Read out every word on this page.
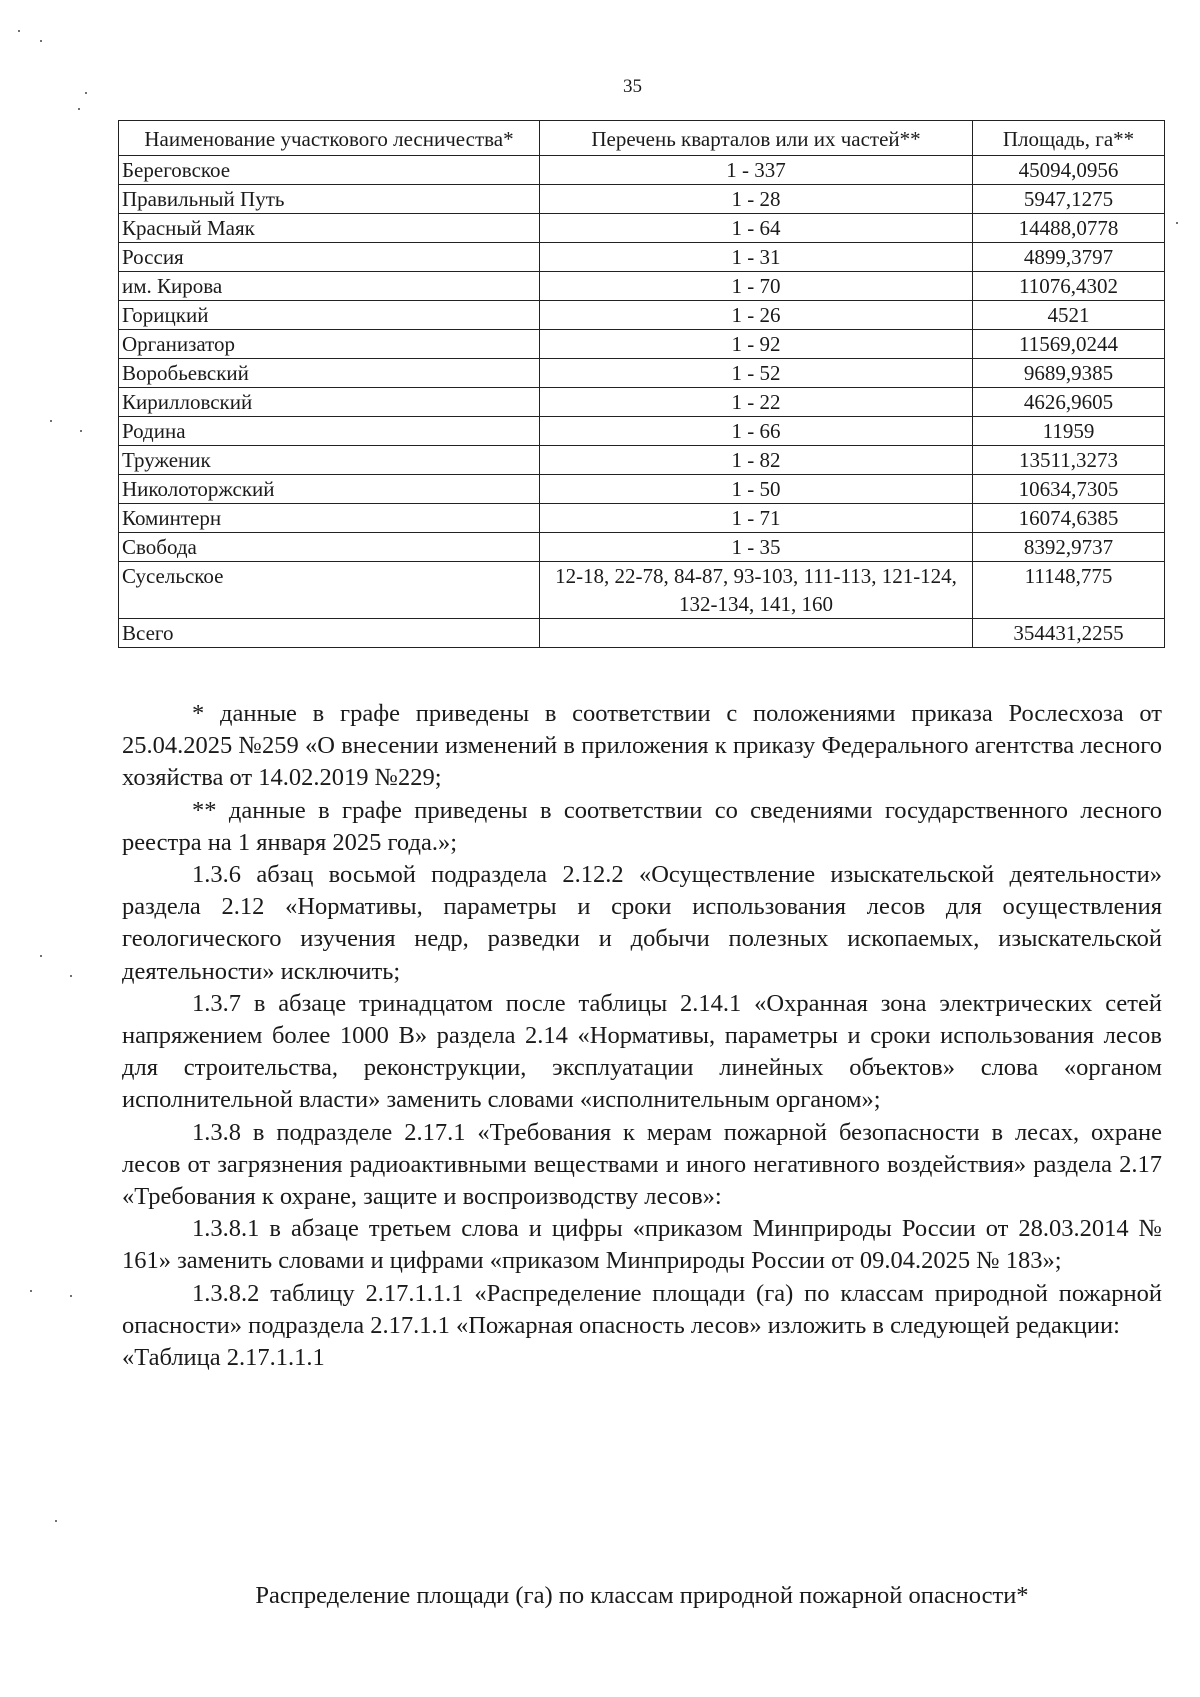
35
Наименование участкового лесничества*	Перечень кварталов или их частей**	Площадь, га**
Береговское	1 - 337	45094,0956
Правильный Путь	1 - 28	5947,1275
Красный Маяк	1 - 64	14488,0778
Россия	1 - 31	4899,3797
им. Кирова	1 - 70	11076,4302
Горицкий	1 - 26	4521
Организатор	1 - 92	11569,0244
Воробьевский	1 - 52	9689,9385
Кирилловский	1 - 22	4626,9605
Родина	1 - 66	11959
Труженик	1 - 82	13511,3273
Николоторжский	1 - 50	10634,7305
Коминтерн	1 - 71	16074,6385
Свобода	1 - 35	8392,9737
Сусельское	12-18, 22-78, 84-87, 93-103, 111-113, 121-124, 132-134, 141, 160	11148,775
Всего		354431,2255

* данные в графе приведены в соответствии с положениями приказа Рослесхоза от 25.04.2025 №259 «О внесении изменений в приложения к приказу Федерального агентства лесного хозяйства от 14.02.2019 №229;

** данные в графе приведены в соответствии со сведениями государственного лесного реестра на 1 января 2025 года.»;

1.3.6 абзац восьмой подраздела 2.12.2 «Осуществление изыскательской деятельности» раздела 2.12 «Нормативы, параметры и сроки использования лесов для осуществления геологического изучения недр, разведки и добычи полезных ископаемых, изыскательской деятельности» исключить;

1.3.7 в абзаце тринадцатом после таблицы 2.14.1 «Охранная зона электрических сетей напряжением более 1000 В» раздела 2.14 «Нормативы, параметры и сроки использования лесов для строительства, реконструкции, эксплуатации линейных объектов» слова «органом исполнительной власти» заменить словами «исполнительным органом»;

1.3.8 в подразделе 2.17.1 «Требования к мерам пожарной безопасности в лесах, охране лесов от загрязнения радиоактивными веществами и иного негативного воздействия» раздела 2.17 «Требования к охране, защите и воспроизводству лесов»:

1.3.8.1 в абзаце третьем слова и цифры «приказом Минприроды России от 28.03.2014 № 161» заменить словами и цифрами «приказом Минприроды России от 09.04.2025 № 183»;

1.3.8.2 таблицу 2.17.1.1.1 «Распределение площади (га) по классам природной пожарной опасности» подраздела 2.17.1.1 «Пожарная опасность лесов» изложить в следующей редакции:

«Таблица 2.17.1.1.1

Распределение площади (га) по классам природной пожарной опасности*
